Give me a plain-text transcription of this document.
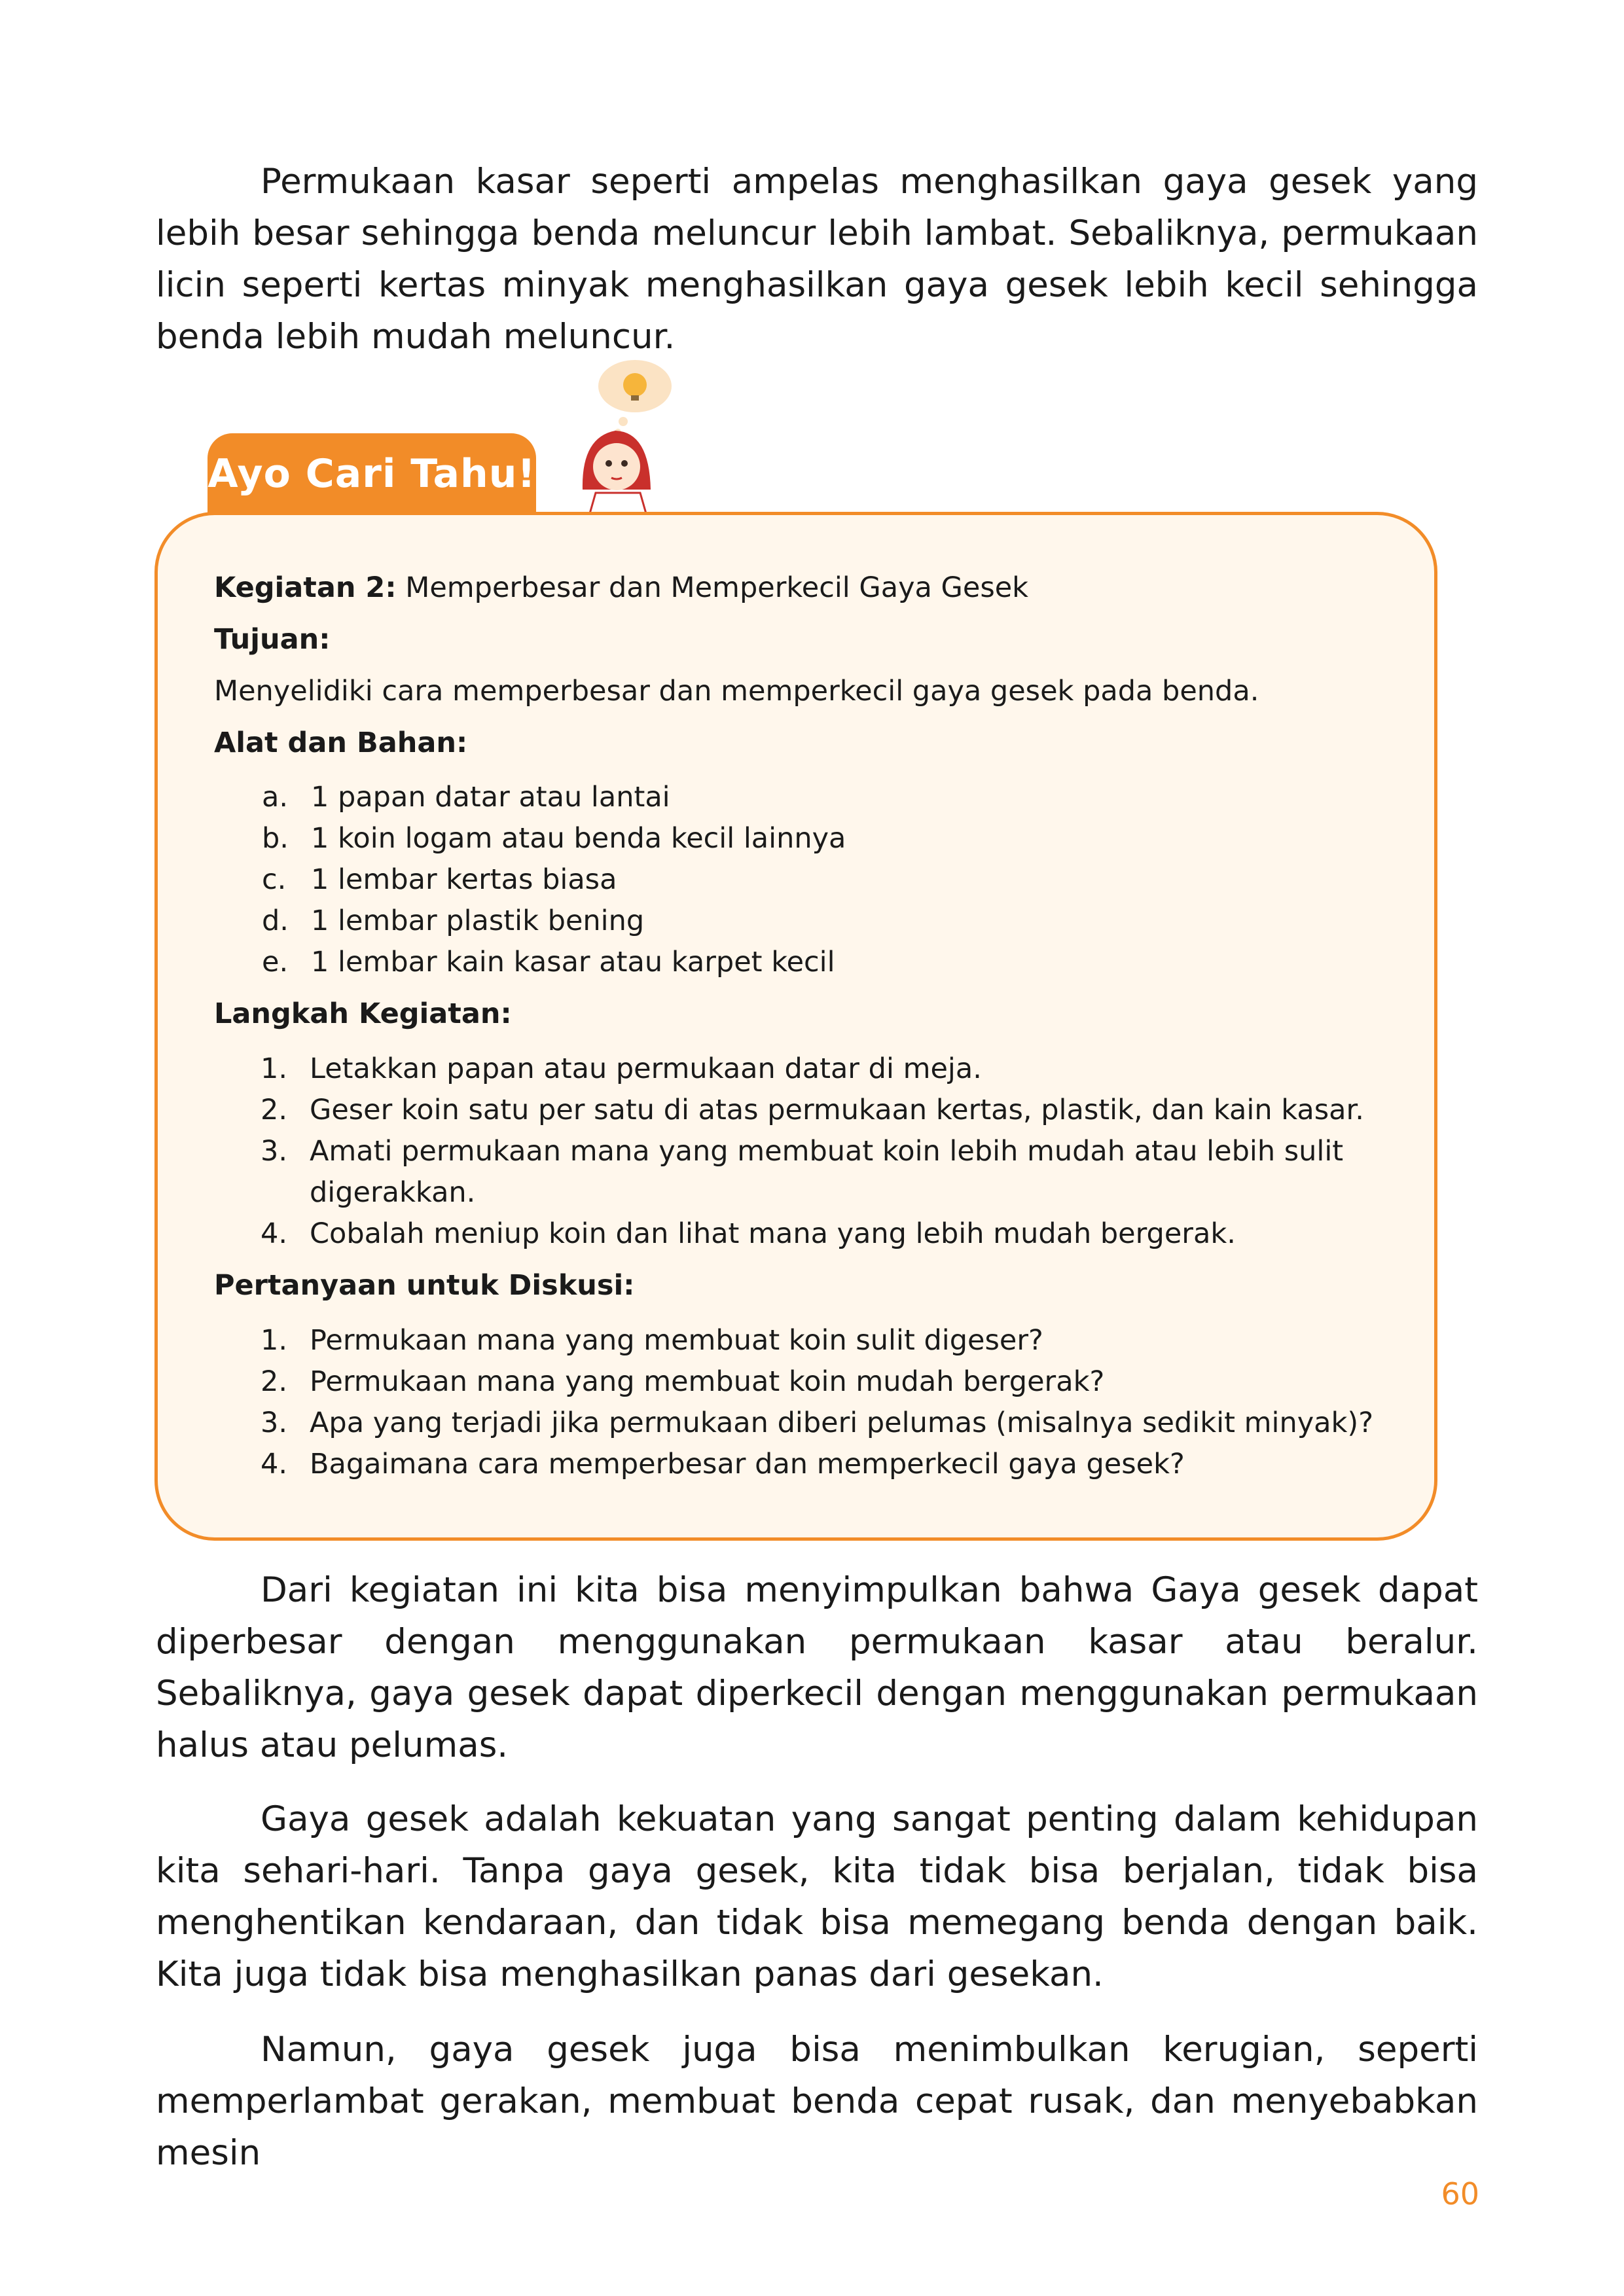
Permukaan kasar seperti ampelas menghasilkan gaya gesek yang lebih besar sehingga benda meluncur lebih lambat. Sebaliknya, permukaan licin seperti kertas minyak menghasilkan gaya gesek lebih kecil sehingga benda lebih mudah meluncur.

Ayo Cari Tahu!
Kegiatan 2: Memperbesar dan Memperkecil Gaya Gesek
Tujuan:
Menyelidiki cara memperbesar dan memperkecil gaya gesek pada benda.
Alat dan Bahan:
a. 1 papan datar atau lantai
b. 1 koin logam atau benda kecil lainnya
c. 1 lembar kertas biasa
d. 1 lembar plastik bening
e. 1 lembar kain kasar atau karpet kecil
Langkah Kegiatan:
1. Letakkan papan atau permukaan datar di meja.
2. Geser koin satu per satu di atas permukaan kertas, plastik, dan kain kasar.
3. Amati permukaan mana yang membuat koin lebih mudah atau lebih sulit
digerakkan.
4. Cobalah meniup koin dan lihat mana yang lebih mudah bergerak.
Pertanyaan untuk Diskusi:
1. Permukaan mana yang membuat koin sulit digeser?
2. Permukaan mana yang membuat koin mudah bergerak?
3. Apa yang terjadi jika permukaan diberi pelumas (misalnya sedikit minyak)?
4. Bagaimana cara memperbesar dan memperkecil gaya gesek?

Dari kegiatan ini kita bisa menyimpulkan bahwa Gaya gesek dapat diperbesar dengan menggunakan permukaan kasar atau beralur. Sebaliknya, gaya gesek dapat diperkecil dengan menggunakan permukaan halus atau pelumas.

Gaya gesek adalah kekuatan yang sangat penting dalam kehidupan kita sehari-hari. Tanpa gaya gesek, kita tidak bisa berjalan, tidak bisa menghentikan kendaraan, dan tidak bisa memegang benda dengan baik. Kita juga tidak bisa menghasilkan panas dari gesekan.

Namun, gaya gesek juga bisa menimbulkan kerugian, seperti memperlambat gerakan, membuat benda cepat rusak, dan menyebabkan mesin

60
